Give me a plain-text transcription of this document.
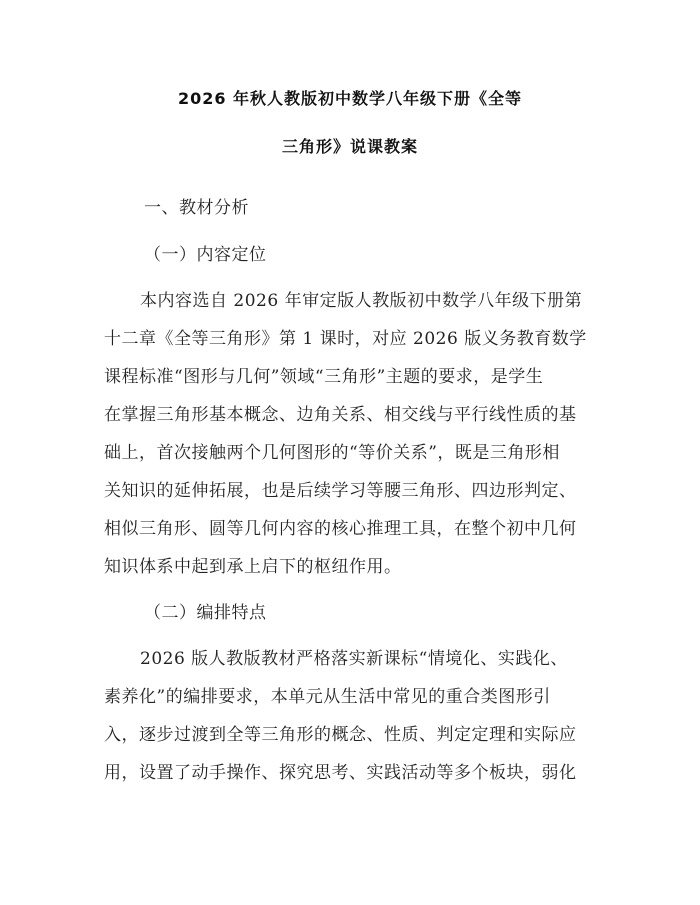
2026 年秋人教版初中数学八年级下册《全等
三角形》说课教案
一、教材分析
（一）内容定位
本内容选自 2026 年审定版人教版初中数学八年级下册第
十二章《全等三角形》第 1 课时，对应 2026 版义务教育数学
课程标准“图形与几何”领域“三角形”主题的要求，是学生
在掌握三角形基本概念、边角关系、相交线与平行线性质的基
础上，首次接触两个几何图形的“等价关系”，既是三角形相
关知识的延伸拓展，也是后续学习等腰三角形、四边形判定、
相似三角形、圆等几何内容的核心推理工具，在整个初中几何
知识体系中起到承上启下的枢纽作用。
（二）编排特点
2026 版人教版教材严格落实新课标“情境化、实践化、
素养化”的编排要求，本单元从生活中常见的重合类图形引
入，逐步过渡到全等三角形的概念、性质、判定定理和实际应
用，设置了动手操作、探究思考、实践活动等多个板块，弱化
